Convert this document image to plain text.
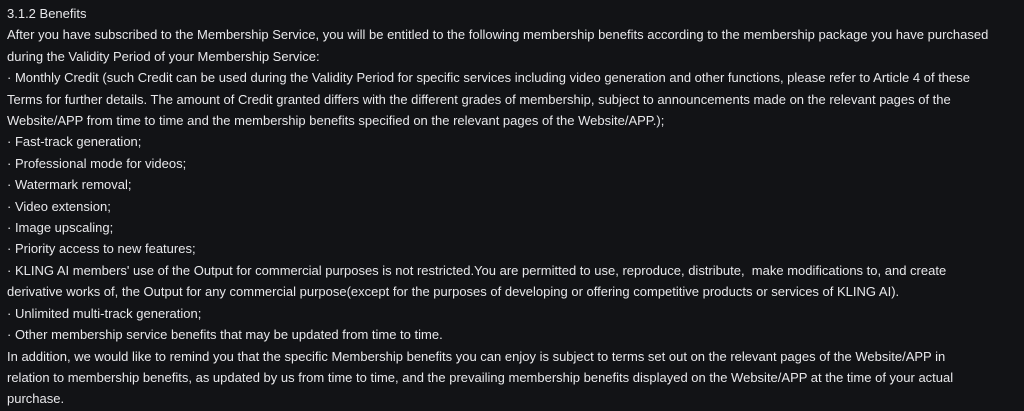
3.1.2 Benefits
After you have subscribed to the Membership Service, you will be entitled to the following membership benefits according to the membership package you have purchased
during the Validity Period of your Membership Service:
· Monthly Credit (such Credit can be used during the Validity Period for specific services including video generation and other functions, please refer to Article 4 of these
Terms for further details. The amount of Credit granted differs with the different grades of membership, subject to announcements made on the relevant pages of the
Website/APP from time to time and the membership benefits specified on the relevant pages of the Website/APP.);
· Fast-track generation;
· Professional mode for videos;
· Watermark removal;
· Video extension;
· Image upscaling;
· Priority access to new features;
· KLING AI members' use of the Output for commercial purposes is not restricted.You are permitted to use, reproduce, distribute,  make modifications to, and create
derivative works of, the Output for any commercial purpose(except for the purposes of developing or offering competitive products or services of KLING AI).
· Unlimited multi-track generation;
· Other membership service benefits that may be updated from time to time.
In addition, we would like to remind you that the specific Membership benefits you can enjoy is subject to terms set out on the relevant pages of the Website/APP in
relation to membership benefits, as updated by us from time to time, and the prevailing membership benefits displayed on the Website/APP at the time of your actual
purchase.
